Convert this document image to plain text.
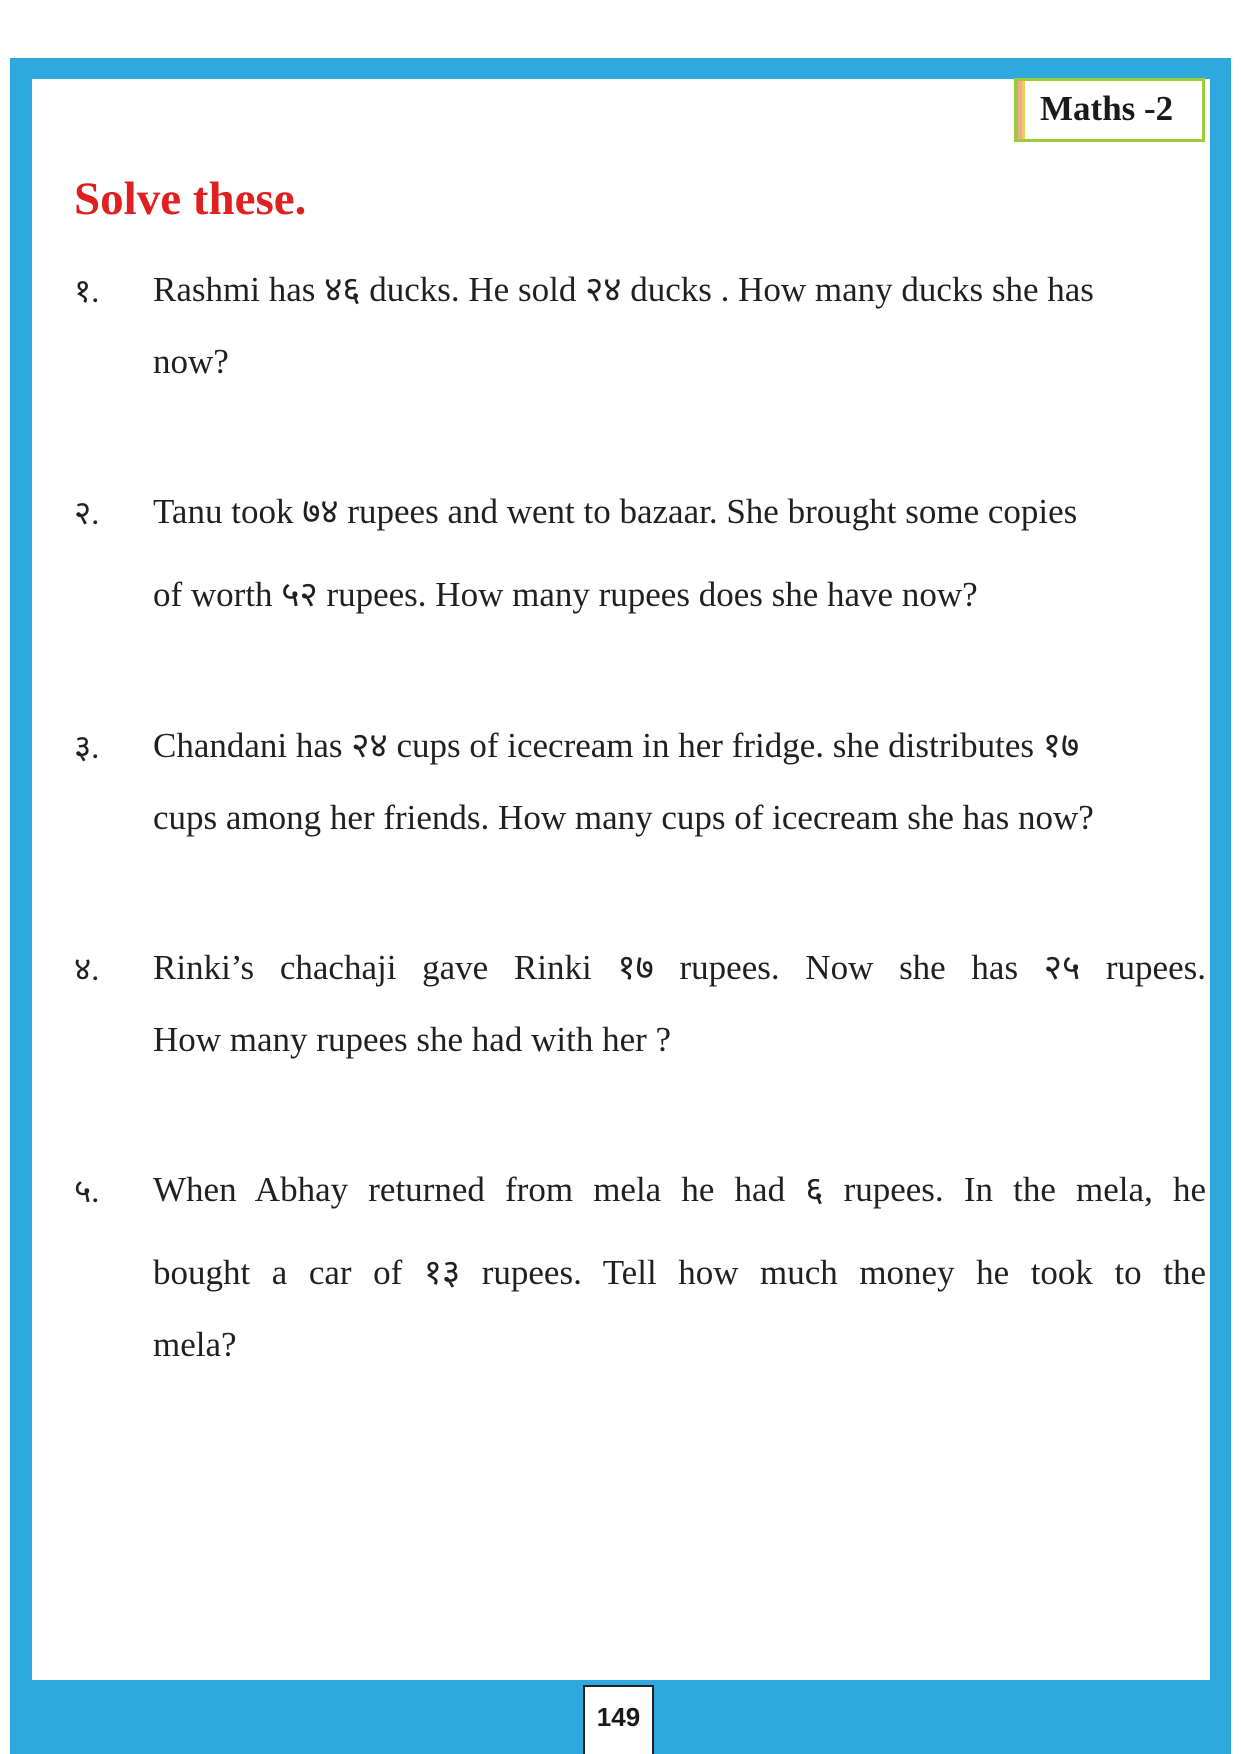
Maths -2
Solve these.
१. Rashmi has ४६ ducks. He sold २४ ducks . How many ducks she has
now?
२. Tanu took ७४ rupees and went to bazaar. She brought some copies
of worth ५२ rupees. How many rupees does she have now?
३. Chandani has २४ cups of icecream in her fridge. she distributes १७
cups among her friends. How many cups of icecream she has now?
४. Rinki’s chachaji gave Rinki १७ rupees. Now she has २५ rupees.
How many rupees she had with her ?
५. When Abhay returned from mela he had ६ rupees. In the mela, he
bought a car of १३ rupees. Tell how much money he took to the
mela?
149
